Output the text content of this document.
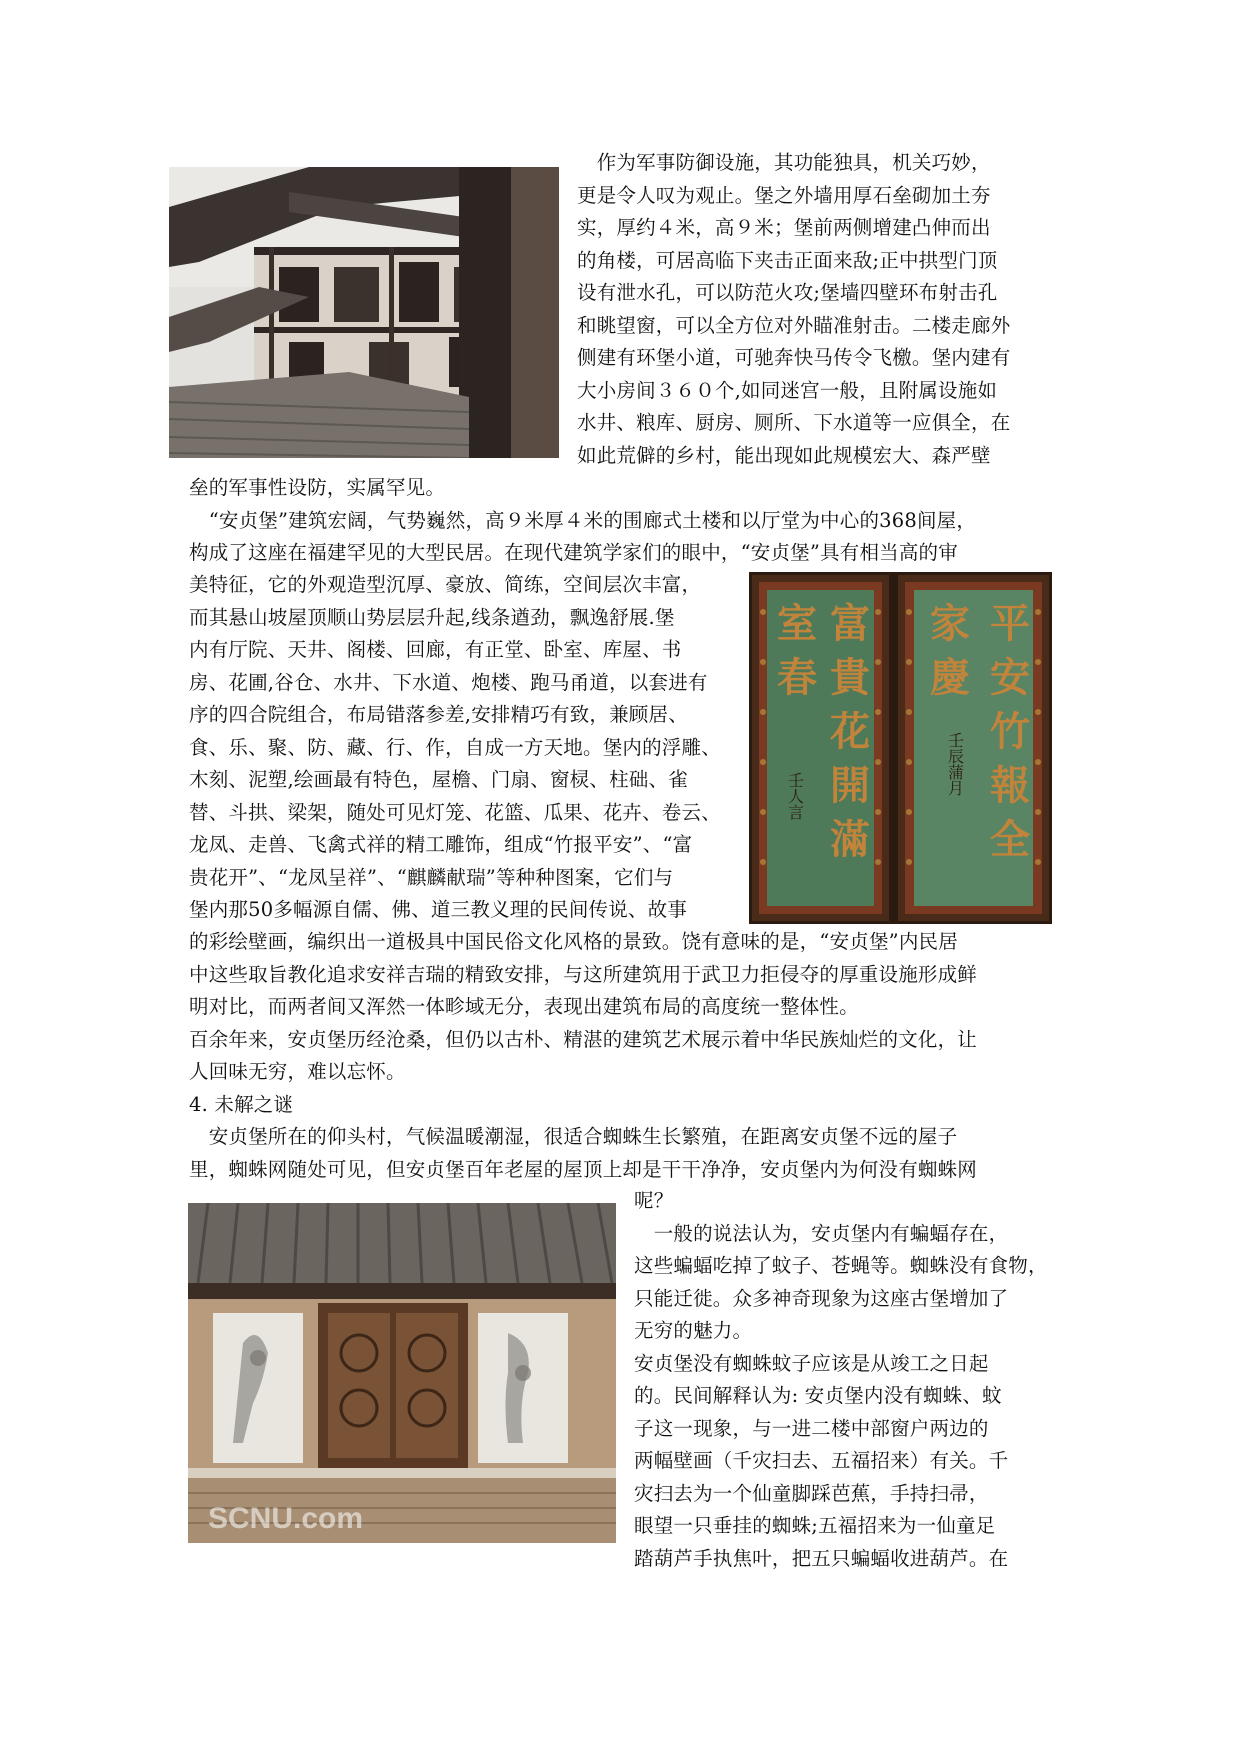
　作为军事防御设施，其功能独具，机关巧妙，
更是令人叹为观止。堡之外墙用厚石垒砌加土夯
实，厚约４米，高９米；堡前两侧增建凸伸而出
的角楼，可居高临下夹击正面来敌;正中拱型门顶
设有泄水孔，可以防范火攻;堡墙四壁环布射击孔
和眺望窗，可以全方位对外瞄准射击。二楼走廊外
侧建有环堡小道，可驰奔快马传令飞檄。堡内建有
大小房间３６０个,如同迷宫一般，且附属设施如
水井、粮库、厨房、厕所、下水道等一应俱全，在
如此荒僻的乡村，能出现如此规模宏大、森严壁
垒的军事性设防，实属罕见。
　“安贞堡”建筑宏阔，气势巍然，高９米厚４米的围廊式土楼和以厅堂为中心的368间屋，
构成了这座在福建罕见的大型民居。在现代建筑学家们的眼中，“安贞堡”具有相当高的审
富貴花開滿
室春
壬人言	平安竹報全
家慶
壬辰蒲月
美特征，它的外观造型沉厚、豪放、简练，空间层次丰富，
而其悬山坡屋顶顺山势层层升起,线条遒劲，飘逸舒展.堡
内有厅院、天井、阁楼、回廊，有正堂、卧室、库屋、书
房、花圃,谷仓、水井、下水道、炮楼、跑马甬道，以套进有
序的四合院组合，布局错落参差,安排精巧有致，兼顾居、
食、乐、聚、防、藏、行、作，自成一方天地。堡内的浮雕、
木刻、泥塑,绘画最有特色，屋檐、门扇、窗棂、柱础、雀
替、斗拱、梁架，随处可见灯笼、花篮、瓜果、花卉、卷云、
龙凤、走兽、飞禽式祥的精工雕饰，组成“竹报平安”、“富
贵花开”、“龙凤呈祥”、“麒麟献瑞”等种种图案，它们与
堡内那50多幅源自儒、佛、道三教义理的民间传说、故事
的彩绘壁画，编织出一道极具中国民俗文化风格的景致。饶有意味的是，“安贞堡”内民居
中这些取旨教化追求安祥吉瑞的精致安排，与这所建筑用于武卫力拒侵夺的厚重设施形成鲜
明对比，而两者间又浑然一体畛域无分，表现出建筑布局的高度统一整体性。
百余年来，安贞堡历经沧桑，但仍以古朴、精湛的建筑艺术展示着中华民族灿烂的文化，让
人回味无穷，难以忘怀。
4. 未解之谜
　安贞堡所在的仰头村，气候温暖潮湿，很适合蜘蛛生长繁殖，在距离安贞堡不远的屋子
里，蜘蛛网随处可见，但安贞堡百年老屋的屋顶上却是干干净净，安贞堡内为何没有蜘蛛网
SCNU.com
呢？
　一般的说法认为，安贞堡内有蝙蝠存在，
这些蝙蝠吃掉了蚊子、苍蝇等。蜘蛛没有食物，
只能迁徙。众多神奇现象为这座古堡增加了
无穷的魅力。
安贞堡没有蜘蛛蚊子应该是从竣工之日起
的。民间解释认为: 安贞堡内没有蜘蛛、蚊
子这一现象，与一进二楼中部窗户两边的
两幅壁画（千灾扫去、五福招来）有关。千
灾扫去为一个仙童脚踩芭蕉，手持扫帚，
眼望一只垂挂的蜘蛛;五福招来为一仙童足
踏葫芦手执焦叶，把五只蝙蝠收进葫芦。在
